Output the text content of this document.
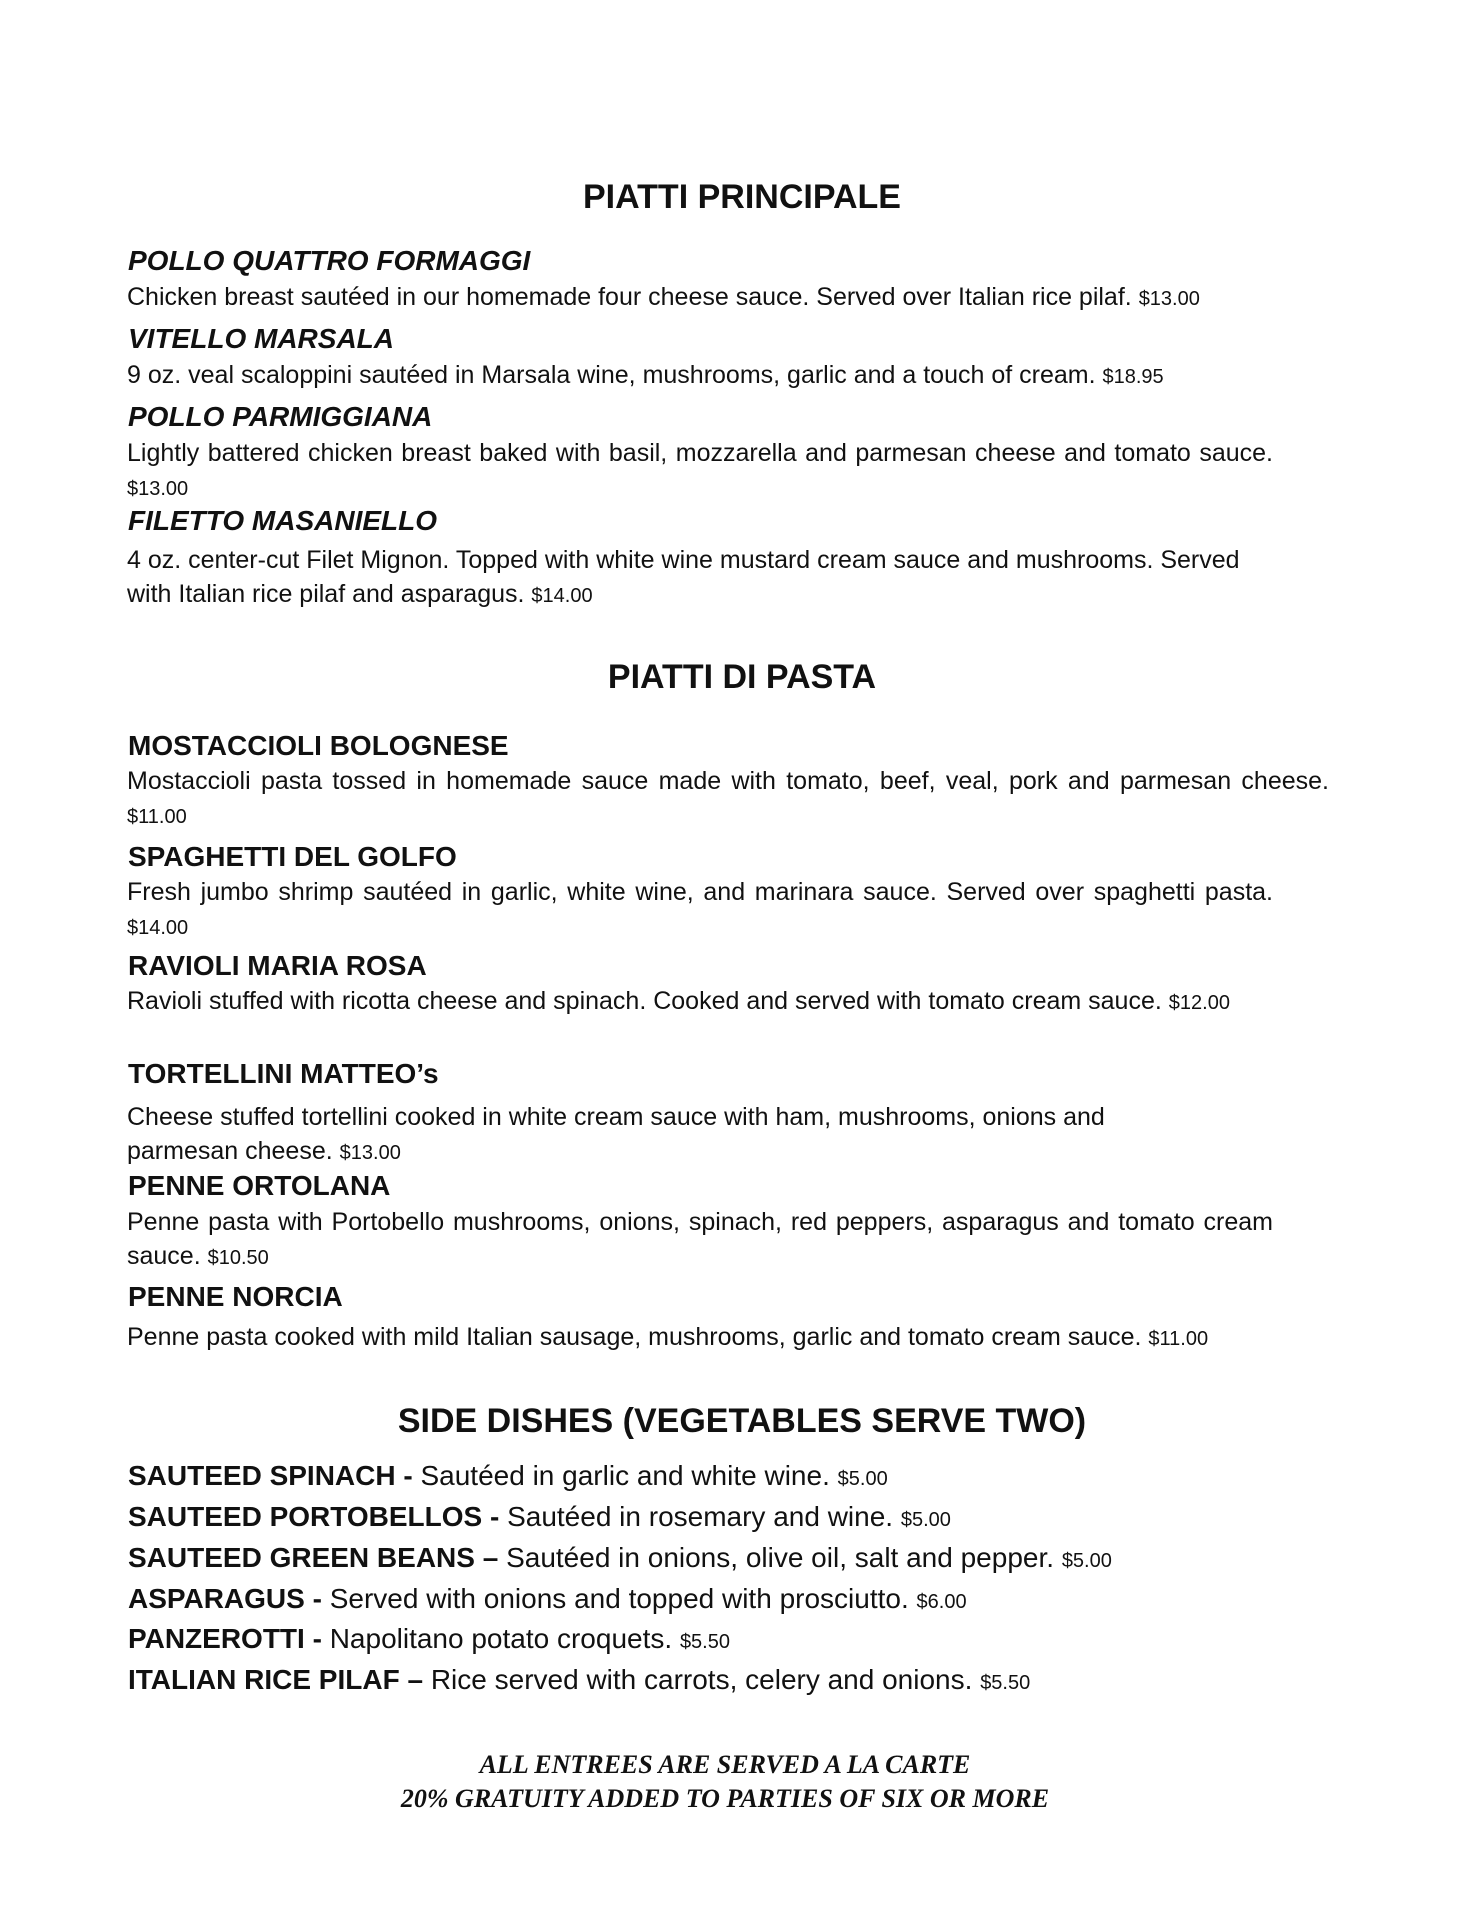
PIATTI PRINCIPALE
POLLO QUATTRO FORMAGGI

Chicken breast sautéed in our homemade four cheese sauce. Served over Italian rice pilaf. $13.00

VITELLO MARSALA

9 oz. veal scaloppini sautéed in Marsala wine, mushrooms, garlic and a touch of cream. $18.95

POLLO PARMIGGIANA

Lightly battered chicken breast baked with basil, mozzarella and parmesan cheese and tomato sauce. $13.00

FILETTO MASANIELLO

4 oz. center-cut Filet Mignon. Topped with white wine mustard cream sauce and mushrooms. Served with Italian rice pilaf and asparagus. $14.00

PIATTI DI PASTA
MOSTACCIOLI BOLOGNESE

Mostaccioli pasta tossed in homemade sauce made with tomato, beef, veal, pork and parmesan cheese. $11.00

SPAGHETTI DEL GOLFO

Fresh jumbo shrimp sautéed in garlic, white wine, and marinara sauce. Served over spaghetti pasta. $14.00

RAVIOLI MARIA ROSA

Ravioli stuffed with ricotta cheese and spinach. Cooked and served with tomato cream sauce. $12.00

TORTELLINI MATTEO’s

Cheese stuffed tortellini cooked in white cream sauce with ham, mushrooms, onions and parmesan cheese. $13.00

PENNE ORTOLANA

Penne pasta with Portobello mushrooms, onions, spinach, red peppers, asparagus and tomato cream sauce. $10.50

PENNE NORCIA

Penne pasta cooked with mild Italian sausage, mushrooms, garlic and tomato cream sauce. $11.00

SIDE DISHES (VEGETABLES SERVE TWO)

SAUTEED SPINACH - Sautéed in garlic and white wine. $5.00

SAUTEED PORTOBELLOS - Sautéed in rosemary and wine. $5.00

SAUTEED GREEN BEANS – Sautéed in onions, olive oil, salt and pepper. $5.00

ASPARAGUS - Served with onions and topped with prosciutto. $6.00

PANZEROTTI - Napolitano potato croquets. $5.50

ITALIAN RICE PILAF – Rice served with carrots, celery and onions. $5.50

ALL ENTREES ARE SERVED A LA CARTE
20% GRATUITY ADDED TO PARTIES OF SIX OR MORE
